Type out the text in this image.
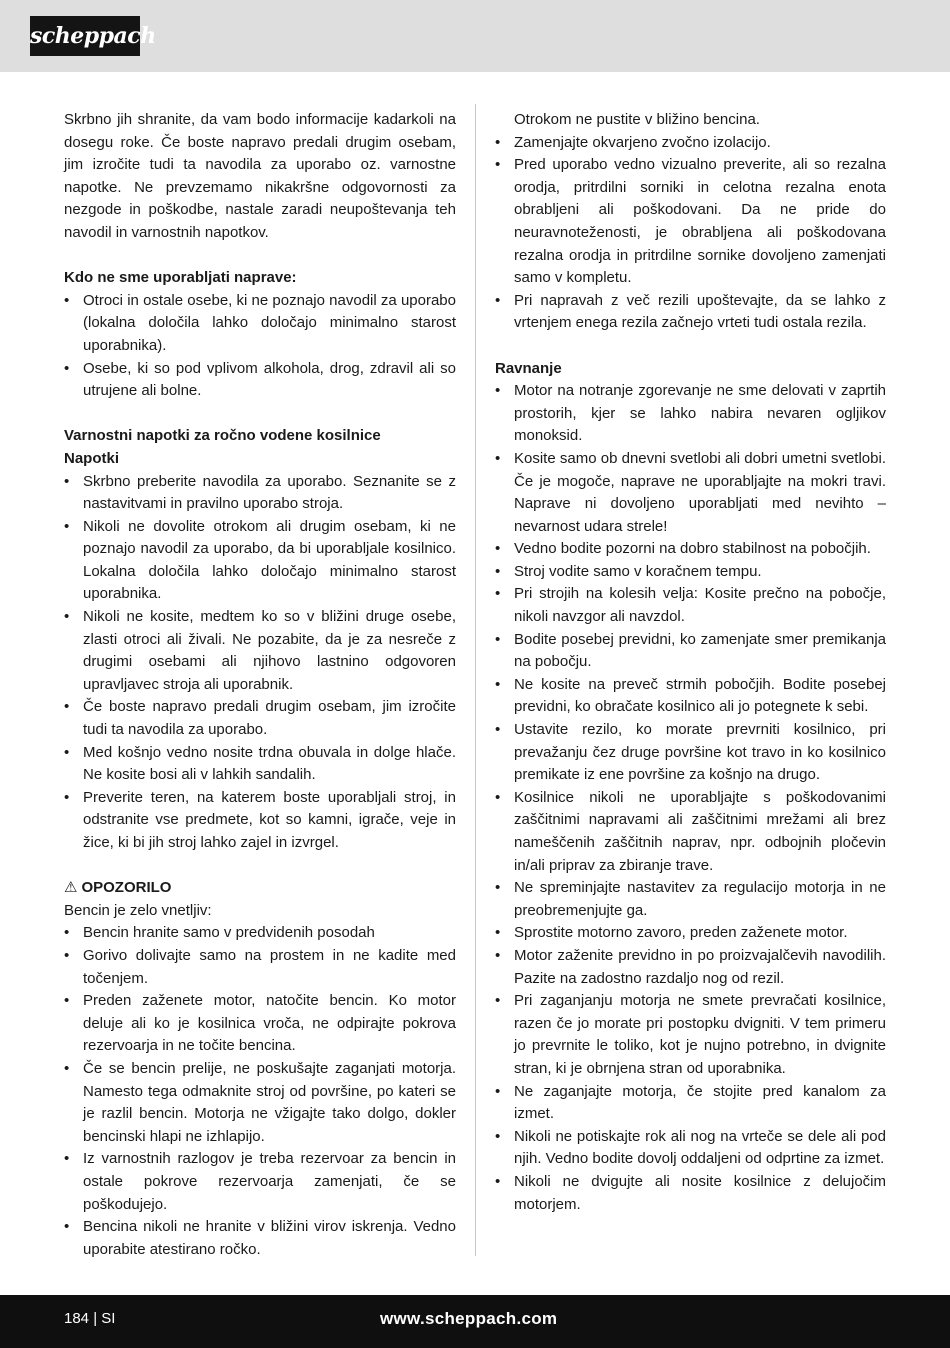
scheppach

Skrbno jih shranite, da vam bodo informacije kadarkoli na dosegu roke. Če boste napravo predali drugim osebam, jim izročite tudi ta navodila za uporabo oz. varnostne napotke. Ne prevzemamo nikakršne odgovornosti za nezgode in poškodbe, nastale zaradi neupoštevanja teh navodil in varnostnih napotkov.

Kdo ne sme uporabljati naprave:

• Otroci in ostale osebe, ki ne poznajo navodil za uporabo (lokalna določila lahko določajo minimalno starost uporabnika).
• Osebe, ki so pod vplivom alkohola, drog, zdravil ali so utrujene ali bolne.

Varnostni napotki za ročno vodene kosilnice

Napotki

• Skrbno preberite navodila za uporabo. Seznanite se z nastavitvami in pravilno uporabo stroja.
• Nikoli ne dovolite otrokom ali drugim osebam, ki ne poznajo navodil za uporabo, da bi uporabljale kosilnico. Lokalna določila lahko določajo minimalno starost uporabnika.
• Nikoli ne kosite, medtem ko so v bližini druge osebe, zlasti otroci ali živali. Ne pozabite, da je za nesreče z drugimi osebami ali njihovo lastnino odgovoren upravljavec stroja ali uporabnik.
• Če boste napravo predali drugim osebam, jim izročite tudi ta navodila za uporabo.
• Med košnjo vedno nosite trdna obuvala in dolge hlače. Ne kosite bosi ali v lahkih sandalih.
• Preverite teren, na katerem boste uporabljali stroj, in odstranite vse predmete, kot so kamni, igrače, veje in žice, ki bi jih stroj lahko zajel in izvrgel.

⚠ OPOZORILO

Bencin je zelo vnetljiv:

• Bencin hranite samo v predvidenih posodah
• Gorivo dolivajte samo na prostem in ne kadite med točenjem.
• Preden zaženete motor, natočite bencin. Ko motor deluje ali ko je kosilnica vroča, ne odpirajte pokrova rezervoarja in ne točite bencina.
• Če se bencin prelije, ne poskušajte zaganjati motorja. Namesto tega odmaknite stroj od površine, po kateri se je razlil bencin. Motorja ne vžigajte tako dolgo, dokler bencinski hlapi ne izhlapijo.
• Iz varnostnih razlogov je treba rezervoar za bencin in ostale pokrove rezervoarja zamenjati, če se poškodujejo.
• Bencina nikoli ne hranite v bližini virov iskrenja. Vedno uporabite atestirano ročko.
Otrokom ne pustite v bližino bencina.
• Zamenjajte okvarjeno zvočno izolacijo.
• Pred uporabo vedno vizualno preverite, ali so rezalna orodja, pritrdilni sorniki in celotna rezalna enota obrabljeni ali poškodovani. Da ne pride do neuravnoteženosti, je obrabljena ali poškodovana rezalna orodja in pritrdilne sornike dovoljeno zamenjati samo v kompletu.
• Pri napravah z več rezili upoštevajte, da se lahko z vrtenjem enega rezila začnejo vrteti tudi ostala rezila.

Ravnanje

• Motor na notranje zgorevanje ne sme delovati v zaprtih prostorih, kjer se lahko nabira nevaren ogljikov monoksid.
• Kosite samo ob dnevni svetlobi ali dobri umetni svetlobi. Če je mogoče, naprave ne uporabljajte na mokri travi. Naprave ni dovoljeno uporabljati med nevihto – nevarnost udara strele!
• Vedno bodite pozorni na dobro stabilnost na pobočjih.
• Stroj vodite samo v koračnem tempu.
• Pri strojih na kolesih velja: Kosite prečno na pobočje, nikoli navzgor ali navzdol.
• Bodite posebej previdni, ko zamenjate smer premikanja na pobočju.
• Ne kosite na preveč strmih pobočjih. Bodite posebej previdni, ko obračate kosilnico ali jo potegnete k sebi.
• Ustavite rezilo, ko morate prevrniti kosilnico, pri prevažanju čez druge površine kot travo in ko kosilnico premikate iz ene površine za košnjo na drugo.
• Kosilnice nikoli ne uporabljajte s poškodovanimi zaščitnimi napravami ali zaščitnimi mrežami ali brez nameščenih zaščitnih naprav, npr. odbojnih pločevin in/ali priprav za zbiranje trave.
• Ne spreminjajte nastavitev za regulacijo motorja in ne preobremenjujte ga.
• Sprostite motorno zavoro, preden zaženete motor.
• Motor zaženite previdno in po proizvajalčevih navodilih. Pazite na zadostno razdaljo nog od rezil.
• Pri zaganjanju motorja ne smete prevračati kosilnice, razen če jo morate pri postopku dvigniti. V tem primeru jo prevrnite le toliko, kot je nujno potrebno, in dvignite stran, ki je obrnjena stran od uporabnika.
• Ne zaganjajte motorja, če stojite pred kanalom za izmet.
• Nikoli ne potiskajte rok ali nog na vrteče se dele ali pod njih. Vedno bodite dovolj oddaljeni od odprtine za izmet.
• Nikoli ne dvigujte ali nosite kosilnice z delujočim motorjem.
184 | SI	www.scheppach.com
